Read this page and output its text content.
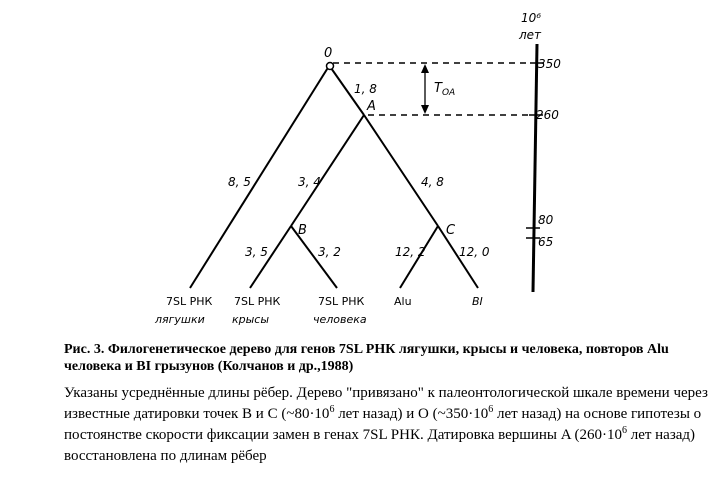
10⁶
лет
350
260
80
65
$T_{OA}$
0
A
B	C
1, 8
8, 5	3, 4	4, 8
3, 5	3, 2	12, 2	12, 0
7SL РНК
лягушки
7SL РНК
крысы
7SL РНК
человека
Alu	BI

Рис. 3. Филогенетическое дерево для генов 7SL РНК лягушки, крысы и человека, повторов Alu человека и BI грызунов (Колчанов и др.,1988)

Указаны усреднённые длины рёбер. Дерево "привязано" к палеонтологической шкале времени через известные датировки точек B и C ($\sim 80\cdot 10^6$ лет назад) и O ($\sim 350\cdot 10^6$ лет назад) на основе гипотезы о постоянстве скорости фиксации замен в генах 7SL РНК. Датировка вершины A ($260\cdot 10^6$ лет назад) восстановлена по длинам рёбер
